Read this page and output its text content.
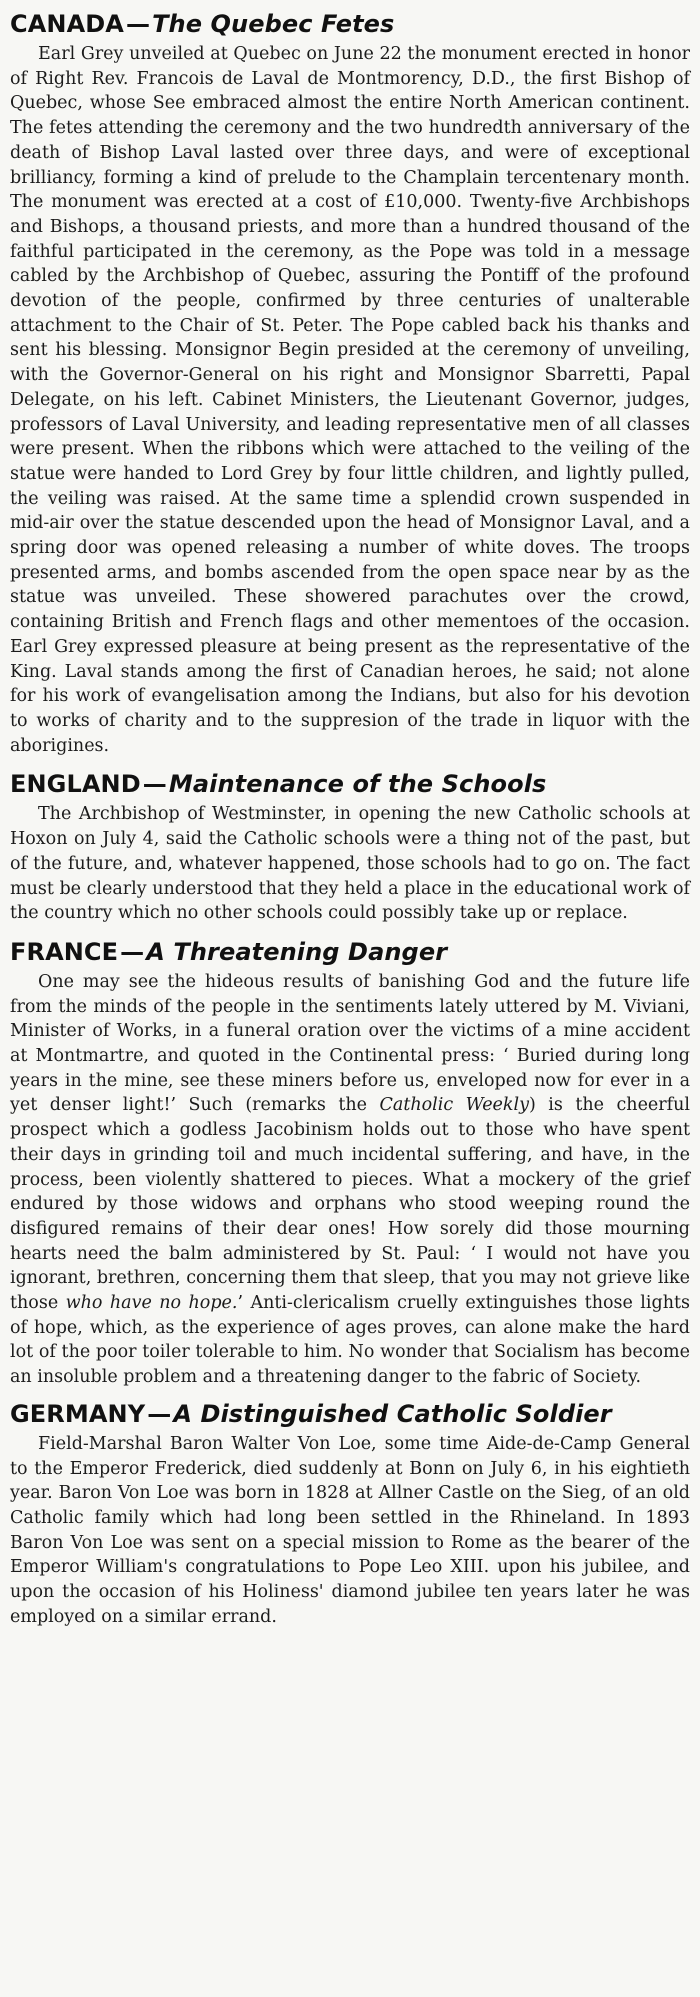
CANADA—The Quebec Fetes

Earl Grey unveiled at Quebec on June 22 the monument erected in honor of Right Rev. Francois de Laval de Montmorency, D.D., the first Bishop of Quebec, whose See embraced almost the entire North American continent. The fetes attending the ceremony and the two hundredth anniversary of the death of Bishop Laval lasted over three days, and were of exceptional brilliancy, forming a kind of prelude to the Champlain tercentenary month. The monument was erected at a cost of £10,000. Twenty-five Archbishops and Bishops, a thousand priests, and more than a hundred thousand of the faithful participated in the ceremony, as the Pope was told in a message cabled by the Archbishop of Quebec, assuring the Pontiff of the profound devotion of the people, confirmed by three centuries of unalterable attachment to the Chair of St. Peter. The Pope cabled back his thanks and sent his blessing. Monsignor Begin presided at the ceremony of unveiling, with the Governor-General on his right and Monsignor Sbarretti, Papal Delegate, on his left. Cabinet Ministers, the Lieutenant Governor, judges, professors of Laval University, and leading representative men of all classes were present. When the ribbons which were attached to the veiling of the statue were handed to Lord Grey by four little children, and lightly pulled, the veiling was raised. At the same time a splendid crown suspended in mid-air over the statue descended upon the head of Monsignor Laval, and a spring door was opened releasing a number of white doves. The troops presented arms, and bombs ascended from the open space near by as the statue was unveiled. These showered parachutes over the crowd, containing British and French flags and other mementoes of the occasion. Earl Grey expressed pleasure at being present as the representative of the King. Laval stands among the first of Canadian heroes, he said; not alone for his work of evangelisation among the Indians, but also for his devotion to works of charity and to the suppresion of the trade in liquor with the aborigines.

ENGLAND—Maintenance of the Schools

The Archbishop of Westminster, in opening the new Catholic schools at Hoxon on July 4, said the Catholic schools were a thing not of the past, but of the future, and, whatever happened, those schools had to go on. The fact must be clearly understood that they held a place in the educational work of the country which no other schools could possibly take up or replace.

FRANCE—A Threatening Danger

One may see the hideous results of banishing God and the future life from the minds of the people in the sentiments lately uttered by M. Viviani, Minister of Works, in a funeral oration over the victims of a mine accident at Montmartre, and quoted in the Continental press: ‘ Buried during long years in the mine, see these miners before us, enveloped now for ever in a yet denser light!’ Such (remarks the Catholic Weekly) is the cheerful prospect which a godless Jacobinism holds out to those who have spent their days in grinding toil and much incidental suffering, and have, in the process, been violently shattered to pieces. What a mockery of the grief endured by those widows and orphans who stood weeping round the disfigured remains of their dear ones! How sorely did those mourning hearts need the balm administered by St. Paul: ‘ I would not have you ignorant, brethren, concerning them that sleep, that you may not grieve like those who have no hope.’ Anti-clericalism cruelly extinguishes those lights of hope, which, as the experience of ages proves, can alone make the hard lot of the poor toiler tolerable to him. No wonder that Socialism has become an insoluble problem and a threatening danger to the fabric of Society.

GERMANY—A Distinguished Catholic Soldier

Field-Marshal Baron Walter Von Loe, some time Aide-de-Camp General to the Emperor Frederick, died suddenly at Bonn on July 6, in his eightieth year. Baron Von Loe was born in 1828 at Allner Castle on the Sieg, of an old Catholic family which had long been settled in the Rhineland. In 1893 Baron Von Loe was sent on a special mission to Rome as the bearer of the Emperor William's congratulations to Pope Leo XIII. upon his jubilee, and upon the occasion of his Holiness' diamond jubilee ten years later he was employed on a similar errand.
